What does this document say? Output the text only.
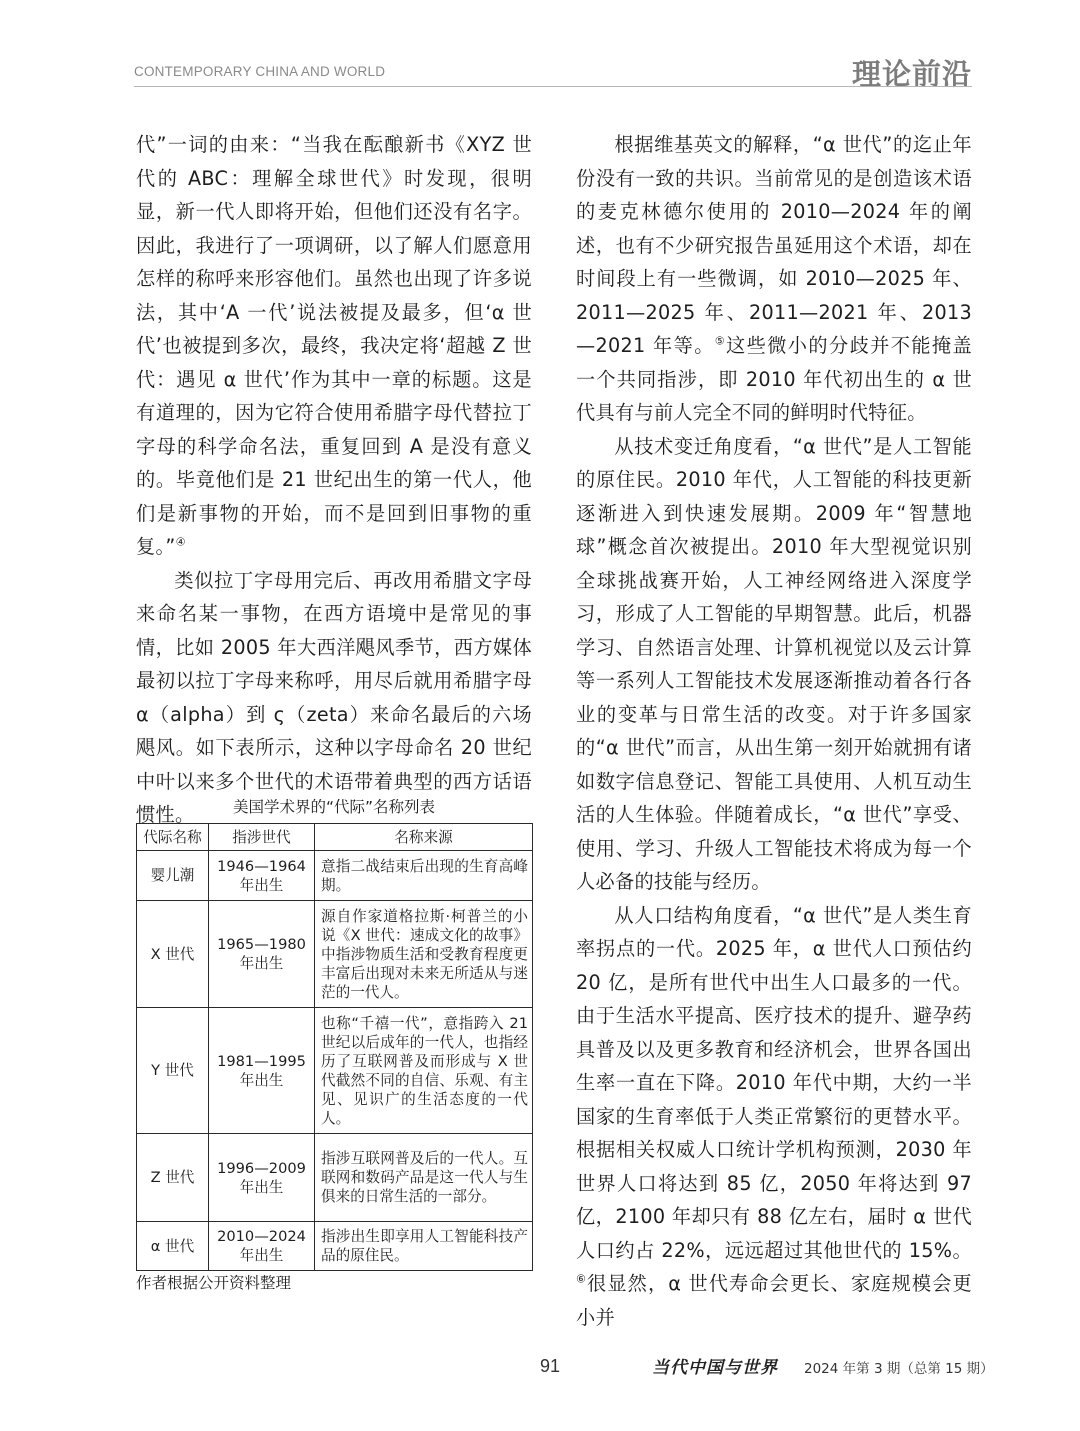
CONTEMPORARY CHINA AND WORLD	理论前沿

代”一词的由来：“当我在酝酿新书《XYZ 世代的 ABC：理解全球世代》时发现，很明显，新一代人即将开始，但他们还没有名字。因此，我进行了一项调研，以了解人们愿意用怎样的称呼来形容他们。虽然也出现了许多说法，其中‘A 一代’说法被提及最多，但‘α 世代’也被提到多次，最终，我决定将‘超越 Z 世代：遇见 α 世代’作为其中一章的标题。这是有道理的，因为它符合使用希腊字母代替拉丁字母的科学命名法，重复回到 A 是没有意义的。毕竟他们是 21 世纪出生的第一代人，他们是新事物的开始，而不是回到旧事物的重复。”④

类似拉丁字母用完后、再改用希腊文字母来命名某一事物，在西方语境中是常见的事情，比如 2005 年大西洋飓风季节，西方媒体最初以拉丁字母来称呼，用尽后就用希腊字母 α（alpha）到 ς（zeta）来命名最后的六场飓风。如下表所示，这种以字母命名 20 世纪中叶以来多个世代的术语带着典型的西方话语惯性。	美国学术界的“代际”名称列表
代际名称	指涉世代	名称来源
婴儿潮	1946—1964 年出生	意指二战结束后出现的生育高峰期。
X 世代	1965—1980 年出生	源自作家道格拉斯·柯普兰的小说《X 世代：速成文化的故事》中指涉物质生活和受教育程度更丰富后出现对未来无所适从与迷茫的一代人。
Y 世代	1981—1995 年出生	也称“千禧一代”，意指跨入 21 世纪以后成年的一代人，也指经历了互联网普及而形成与 X 世代截然不同的自信、乐观、有主见、见识广的生活态度的一代人。
Z 世代	1996—2009 年出生	指涉互联网普及后的一代人。互联网和数码产品是这一代人与生俱来的日常生活的一部分。
α 世代	2010—2024 年出生	指涉出生即享用人工智能科技产品的原住民。
作者根据公开资料整理

根据维基英文的解释，“α 世代”的迄止年份没有一致的共识。当前常见的是创造该术语的麦克林德尔使用的 2010—2024 年的阐述，也有不少研究报告虽延用这个术语，却在时间段上有一些微调，如 2010—2025 年、2011—2025 年、2011—2021 年、2013—2021 年等。⑤这些微小的分歧并不能掩盖一个共同指涉，即 2010 年代初出生的 α 世代具有与前人完全不同的鲜明时代特征。

从技术变迁角度看，“α 世代”是人工智能的原住民。2010 年代，人工智能的科技更新逐渐进入到快速发展期。2009 年“智慧地球”概念首次被提出。2010 年大型视觉识别全球挑战赛开始，人工神经网络进入深度学习，形成了人工智能的早期智慧。此后，机器学习、自然语言处理、计算机视觉以及云计算等一系列人工智能技术发展逐渐推动着各行各业的变革与日常生活的改变。对于许多国家的“α 世代”而言，从出生第一刻开始就拥有诸如数字信息登记、智能工具使用、人机互动生活的人生体验。伴随着成长，“α 世代”享受、使用、学习、升级人工智能技术将成为每一个人必备的技能与经历。

从人口结构角度看，“α 世代”是人类生育率拐点的一代。2025 年，α 世代人口预估约 20 亿，是所有世代中出生人口最多的一代。由于生活水平提高、医疗技术的提升、避孕药具普及以及更多教育和经济机会，世界各国出生率一直在下降。2010 年代中期，大约一半国家的生育率低于人类正常繁衍的更替水平。根据相关权威人口统计学机构预测，2030 年世界人口将达到 85 亿，2050 年将达到 97 亿，2100 年却只有 88 亿左右，届时 α 世代人口约占 22%，远远超过其他世代的 15%。⑥很显然，α 世代寿命会更长、家庭规模会更小并

91	当代中国与世界 2024 年第 3 期（总第 15 期）
